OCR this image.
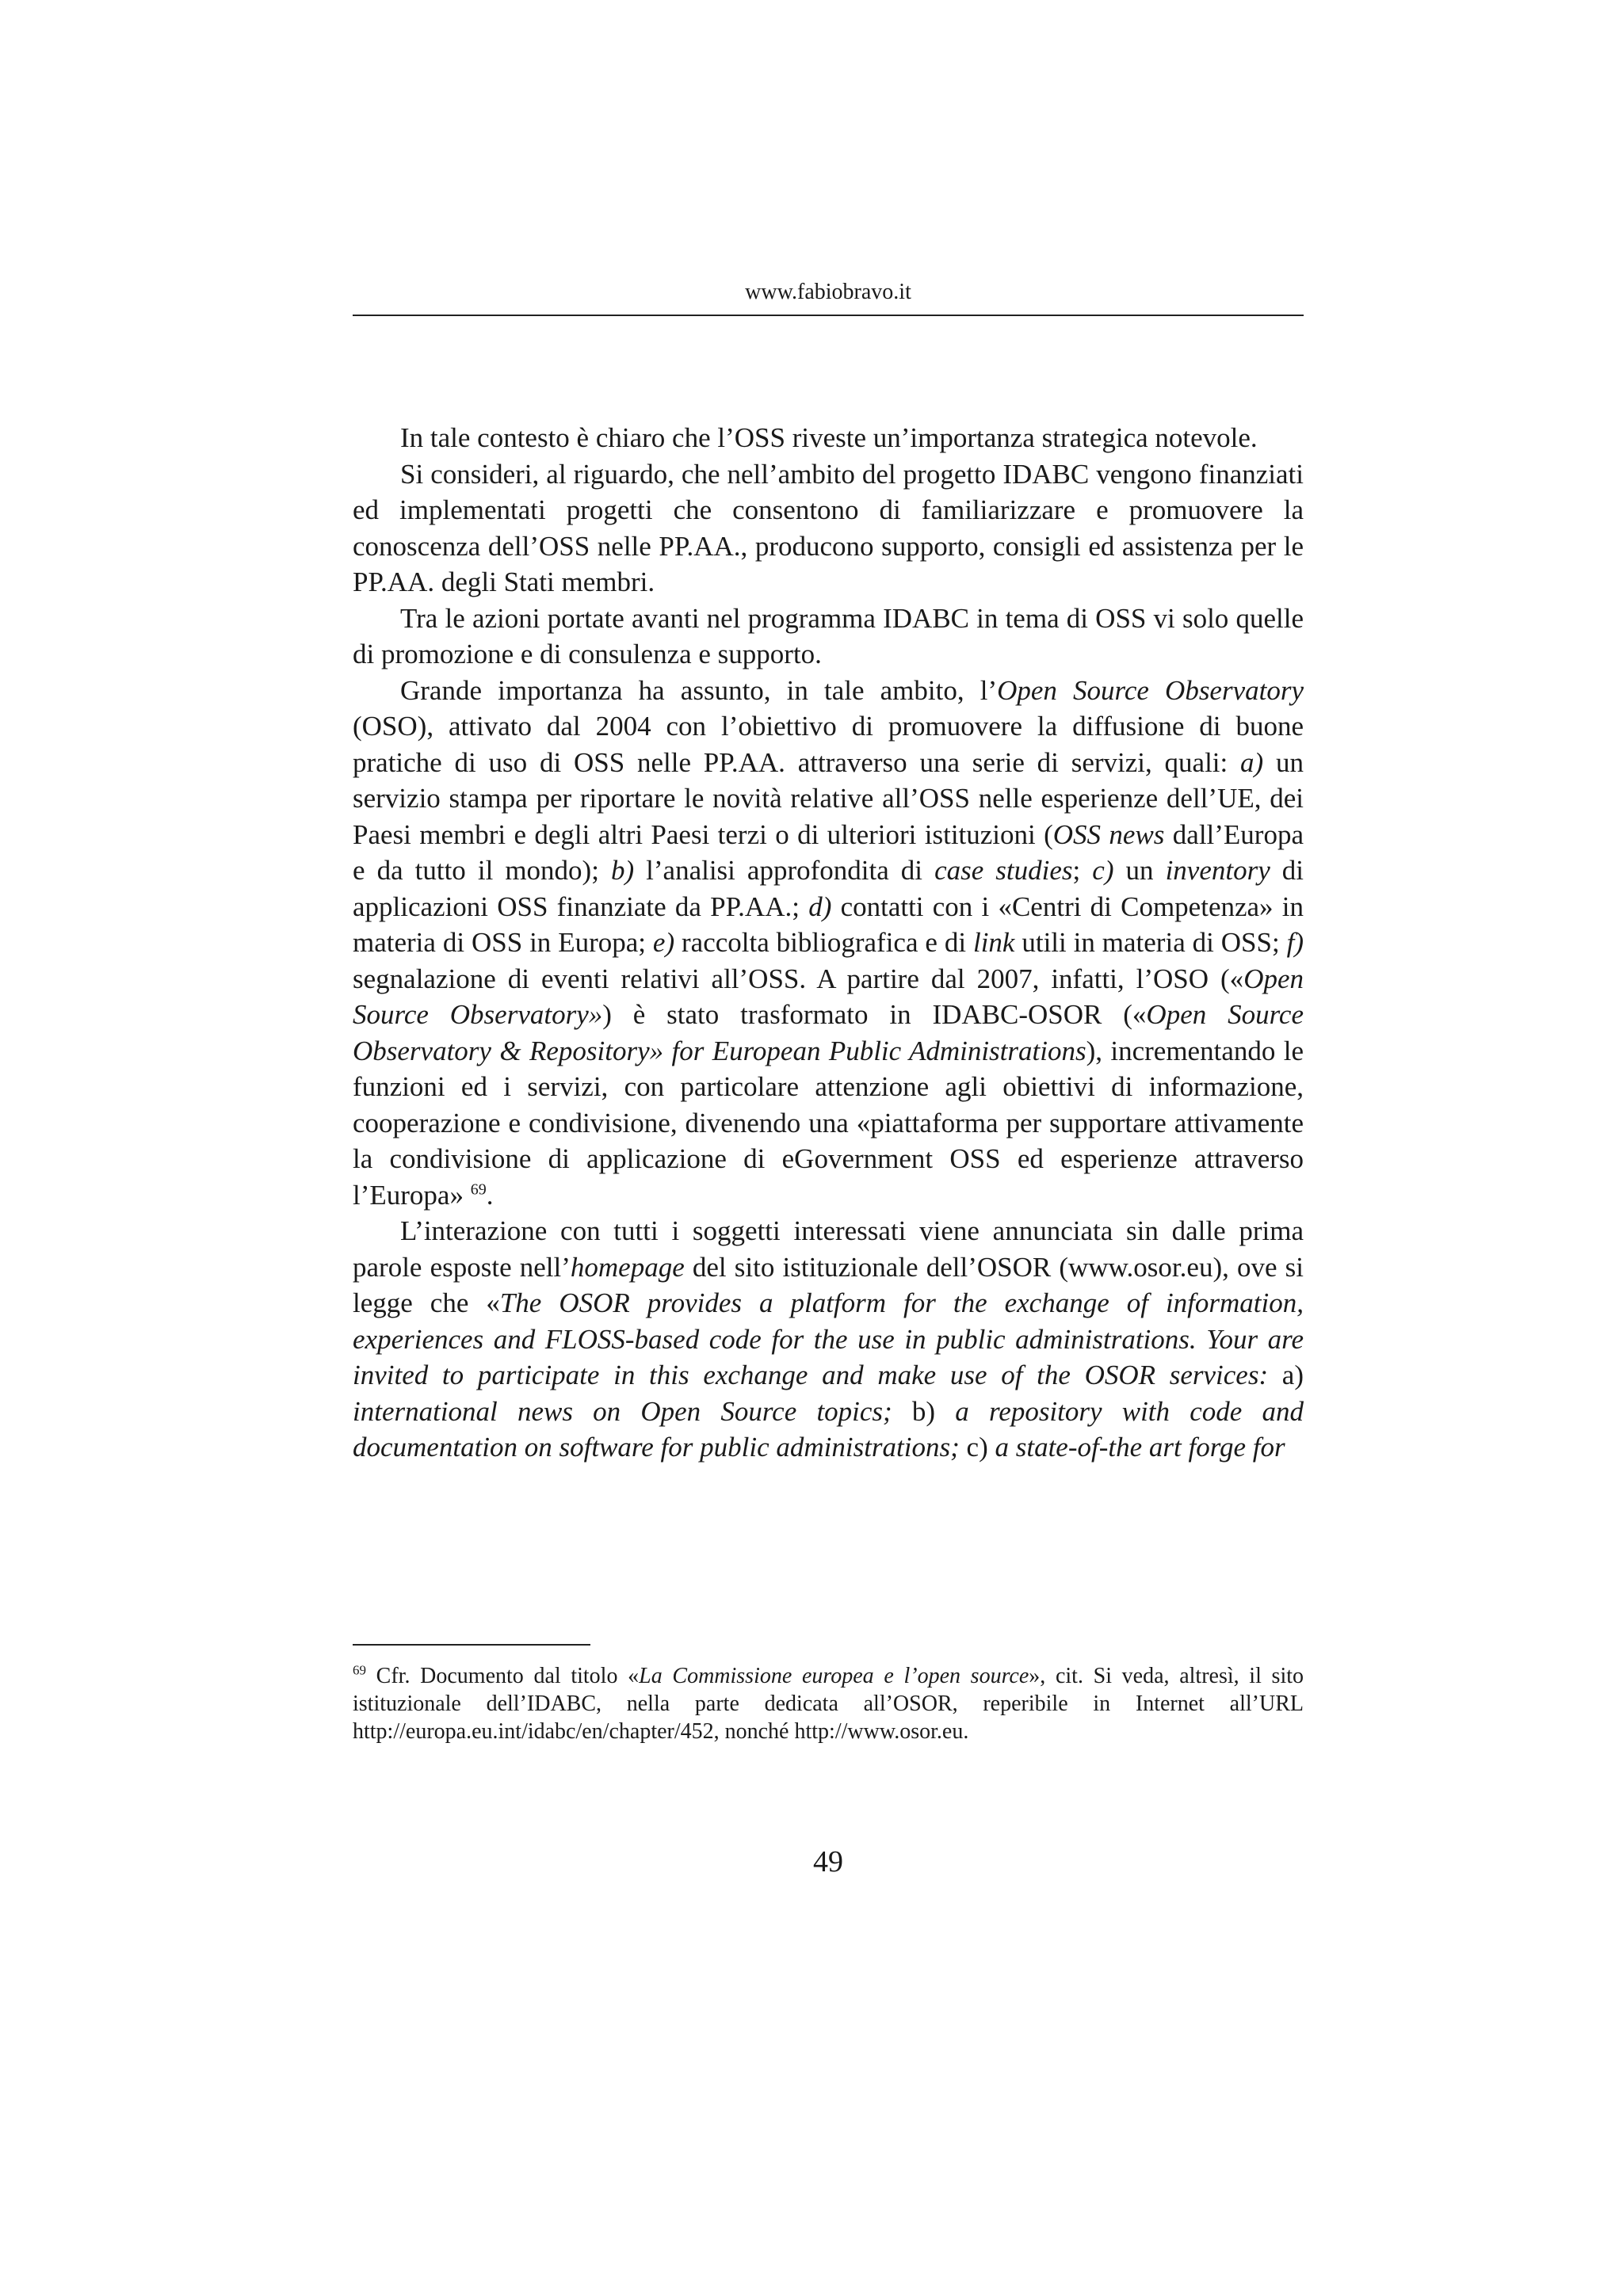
www.fabiobravo.it

In tale contesto è chiaro che l’OSS riveste un’importanza strategica notevole.

Si consideri, al riguardo, che nell’ambito del progetto IDABC vengono finanziati ed implementati progetti che consentono di familiarizzare e promuovere la conoscenza dell’OSS nelle PP.AA., producono supporto, consigli ed assistenza per le PP.AA. degli Stati membri.

Tra le azioni portate avanti nel programma IDABC in tema di OSS vi solo quelle di promozione e di consulenza e supporto.

Grande importanza ha assunto, in tale ambito, l’Open Source Observatory (OSO), attivato dal 2004 con l’obiettivo di promuovere la diffusione di buone pratiche di uso di OSS nelle PP.AA. attraverso una serie di servizi, quali: a) un servizio stampa per riportare le novità relative all’OSS nelle esperienze dell’UE, dei Paesi membri e degli altri Paesi terzi o di ulteriori istituzioni (OSS news dall’Europa e da tutto il mondo); b) l’analisi approfondita di case studies; c) un inventory di applicazioni OSS finanziate da PP.AA.; d) contatti con i «Centri di Competenza» in materia di OSS in Europa; e) raccolta bibliografica e di link utili in materia di OSS; f) segnalazione di eventi relativi all’OSS. A partire dal 2007, infatti, l’OSO («Open Source Observatory») è stato trasformato in IDABC-OSOR («Open Source Observatory & Repository» for European Public Administrations), incrementando le funzioni ed i servizi, con particolare attenzione agli obiettivi di informazione, cooperazione e condivisione, divenendo una «piattaforma per supportare attivamente la condivisione di applicazione di eGovernment OSS ed esperienze attraverso l’Europa» $^{69}$.

L’interazione con tutti i soggetti interessati viene annunciata sin dalle prima parole esposte nell’homepage del sito istituzionale dell’OSOR (www.osor.eu), ove si legge che «The OSOR provides a platform for the exchange of information, experiences and FLOSS-based code for the use in public administrations. Your are invited to participate in this exchange and make use of the OSOR services: a) international news on Open Source topics; b) a repository with code and documentation on software for public administrations; c) a state-of-the art forge for

$^{69}$ Cfr. Documento dal titolo «La Commissione europea e l’open source», cit. Si veda, altresì, il sito istituzionale dell’IDABC, nella parte dedicata all’OSOR, reperibile in Internet all’URL http://europa.eu.int/idabc/en/chapter/452, nonché http://www.osor.eu.

49
